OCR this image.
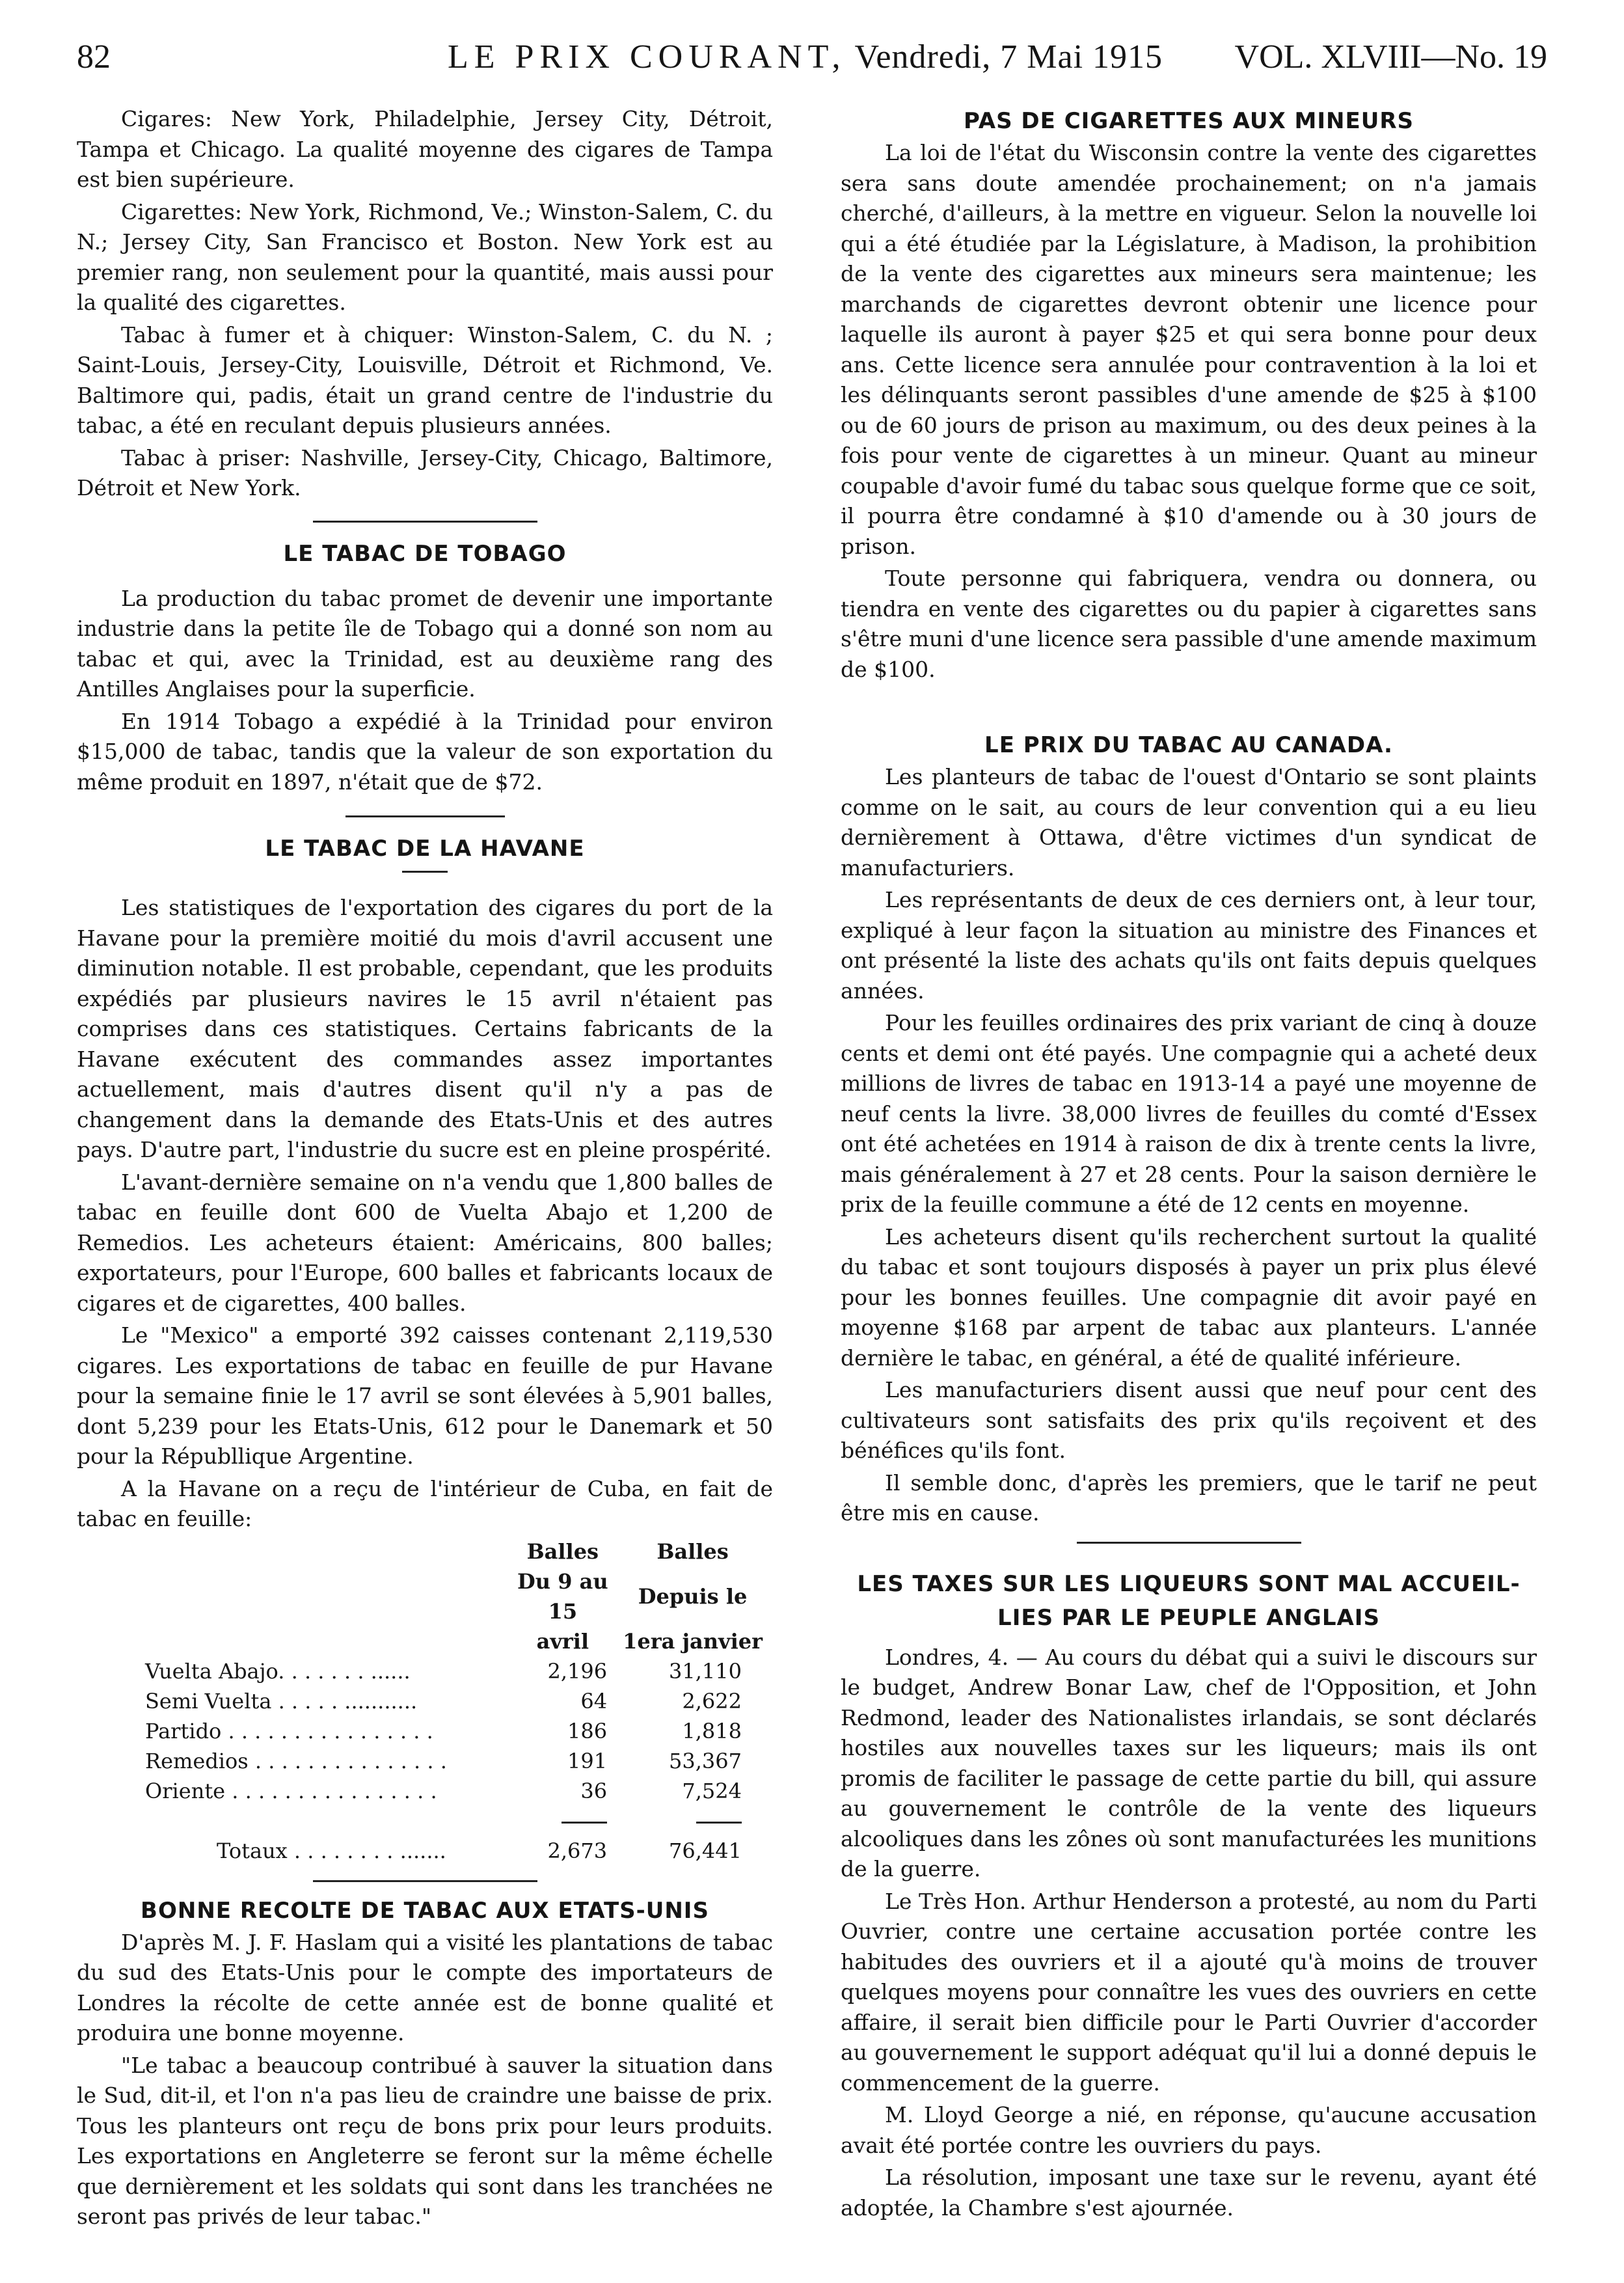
82	LE PRIX COURANT, Vendredi, 7 Mai 1915 VOL. XLVIII—No. 19

Cigares: New York, Philadelphie, Jersey City, Détroit, Tampa et Chicago. La qualité moyenne des cigares de Tampa est bien supérieure.

Cigarettes: New York, Richmond, Ve.; Winston-Salem, C. du N.; Jersey City, San Francisco et Boston. New York est au premier rang, non seulement pour la quantité, mais aussi pour la qualité des cigarettes.

Tabac à fumer et à chiquer: Winston-Salem, C. du N. ; Saint-Louis, Jersey-City, Louisville, Détroit et Richmond, Ve. Baltimore qui, padis, était un grand centre de l'industrie du tabac, a été en reculant depuis plusieurs années.

Tabac à priser: Nashville, Jersey-City, Chicago, Baltimore, Détroit et New York.

LE TABAC DE TOBAGO

La production du tabac promet de devenir une importante industrie dans la petite île de Tobago qui a donné son nom au tabac et qui, avec la Trinidad, est au deuxième rang des Antilles Anglaises pour la superficie.

En 1914 Tobago a expédié à la Trinidad pour environ $15,000 de tabac, tandis que la valeur de son exportation du même produit en 1897, n'était que de $72.

LE TABAC DE LA HAVANE

Les statistiques de l'exportation des cigares du port de la Havane pour la première moitié du mois d'avril accusent une diminution notable. Il est probable, cependant, que les produits expédiés par plusieurs navires le 15 avril n'étaient pas comprises dans ces statistiques. Certains fabricants de la Havane exécutent des commandes assez importantes actuellement, mais d'autres disent qu'il n'y a pas de changement dans la demande des Etats-Unis et des autres pays. D'autre part, l'industrie du sucre est en pleine prospérité.

L'avant-dernière semaine on n'a vendu que 1,800 balles de tabac en feuille dont 600 de Vuelta Abajo et 1,200 de Remedios. Les acheteurs étaient: Américains, 800 balles; exportateurs, pour l'Europe, 600 balles et fabricants locaux de cigares et de cigarettes, 400 balles.

Le "Mexico" a emporté 392 caisses contenant 2,119,530 cigares. Les exportations de tabac en feuille de pur Havane pour la semaine finie le 17 avril se sont élevées à 5,901 balles, dont 5,239 pour les Etats-Unis, 612 pour le Danemark et 50 pour la Républlique Argentine.

A la Havane on a reçu de l'intérieur de Cuba, en fait de tabac en feuille:

	Balles	Balles
	Du 9 au 15	Depuis le
	avril	1era janvier
Vuelta Abajo. . . . . . . ......	2,196	31,110
Semi Vuelta . . . . . ...........	64	2,622
Partido . . . . . . . . . . . . . . . .	186	1,818
Remedios . . . . . . . . . . . . . . .	191	53,367
Oriente . . . . . . . . . . . . . . . .	36	7,524

Totaux . . . . . . . . .......	2,673	76,441
BONNE RECOLTE DE TABAC AUX ETATS-UNIS

D'après M. J. F. Haslam qui a visité les plantations de tabac du sud des Etats-Unis pour le compte des importateurs de Londres la récolte de cette année est de bonne qualité et produira une bonne moyenne.

"Le tabac a beaucoup contribué à sauver la situation dans le Sud, dit-il, et l'on n'a pas lieu de craindre une baisse de prix. Tous les planteurs ont reçu de bons prix pour leurs produits. Les exportations en Angleterre se feront sur la même échelle que dernièrement et les soldats qui sont dans les tranchées ne seront pas privés de leur tabac."

PAS DE CIGARETTES AUX MINEURS

La loi de l'état du Wisconsin contre la vente des cigarettes sera sans doute amendée prochainement; on n'a jamais cherché, d'ailleurs, à la mettre en vigueur. Selon la nouvelle loi qui a été étudiée par la Législature, à Madison, la prohibition de la vente des cigarettes aux mineurs sera maintenue; les marchands de cigarettes devront obtenir une licence pour laquelle ils auront à payer $25 et qui sera bonne pour deux ans. Cette licence sera annulée pour contravention à la loi et les délinquants seront passibles d'une amende de $25 à $100 ou de 60 jours de prison au maximum, ou des deux peines à la fois pour vente de cigarettes à un mineur. Quant au mineur coupable d'avoir fumé du tabac sous quelque forme que ce soit, il pourra être condamné à $10 d'amende ou à 30 jours de prison.

Toute personne qui fabriquera, vendra ou donnera, ou tiendra en vente des cigarettes ou du papier à cigarettes sans s'être muni d'une licence sera passible d'une amende maximum de $100.

LE PRIX DU TABAC AU CANADA.

Les planteurs de tabac de l'ouest d'Ontario se sont plaints comme on le sait, au cours de leur convention qui a eu lieu dernièrement à Ottawa, d'être victimes d'un syndicat de manufacturiers.

Les représentants de deux de ces derniers ont, à leur tour, expliqué à leur façon la situation au ministre des Finances et ont présenté la liste des achats qu'ils ont faits depuis quelques années.

Pour les feuilles ordinaires des prix variant de cinq à douze cents et demi ont été payés. Une compagnie qui a acheté deux millions de livres de tabac en 1913-14 a payé une moyenne de neuf cents la livre. 38,000 livres de feuilles du comté d'Essex ont été achetées en 1914 à raison de dix à trente cents la livre, mais généralement à 27 et 28 cents. Pour la saison dernière le prix de la feuille commune a été de 12 cents en moyenne.

Les acheteurs disent qu'ils recherchent surtout la qualité du tabac et sont toujours disposés à payer un prix plus élevé pour les bonnes feuilles. Une compagnie dit avoir payé en moyenne $168 par arpent de tabac aux planteurs. L'année dernière le tabac, en général, a été de qualité inférieure.

Les manufacturiers disent aussi que neuf pour cent des cultivateurs sont satisfaits des prix qu'ils reçoivent et des bénéfices qu'ils font.

Il semble donc, d'après les premiers, que le tarif ne peut être mis en cause.

LES TAXES SUR LES LIQUEURS SONT MAL ACCUEIL-
LIES PAR LE PEUPLE ANGLAIS

Londres, 4. — Au cours du débat qui a suivi le discours sur le budget, Andrew Bonar Law, chef de l'Opposition, et John Redmond, leader des Nationalistes irlandais, se sont déclarés hostiles aux nouvelles taxes sur les liqueurs; mais ils ont promis de faciliter le passage de cette partie du bill, qui assure au gouvernement le contrôle de la vente des liqueurs alcooliques dans les zônes où sont manufacturées les munitions de la guerre.

Le Très Hon. Arthur Henderson a protesté, au nom du Parti Ouvrier, contre une certaine accusation portée contre les habitudes des ouvriers et il a ajouté qu'à moins de trouver quelques moyens pour connaître les vues des ouvriers en cette affaire, il serait bien difficile pour le Parti Ouvrier d'accorder au gouvernement le support adéquat qu'il lui a donné depuis le commencement de la guerre.

M. Lloyd George a nié, en réponse, qu'aucune accusation avait été portée contre les ouvriers du pays.

La résolution, imposant une taxe sur le revenu, ayant été adoptée, la Chambre s'est ajournée.
